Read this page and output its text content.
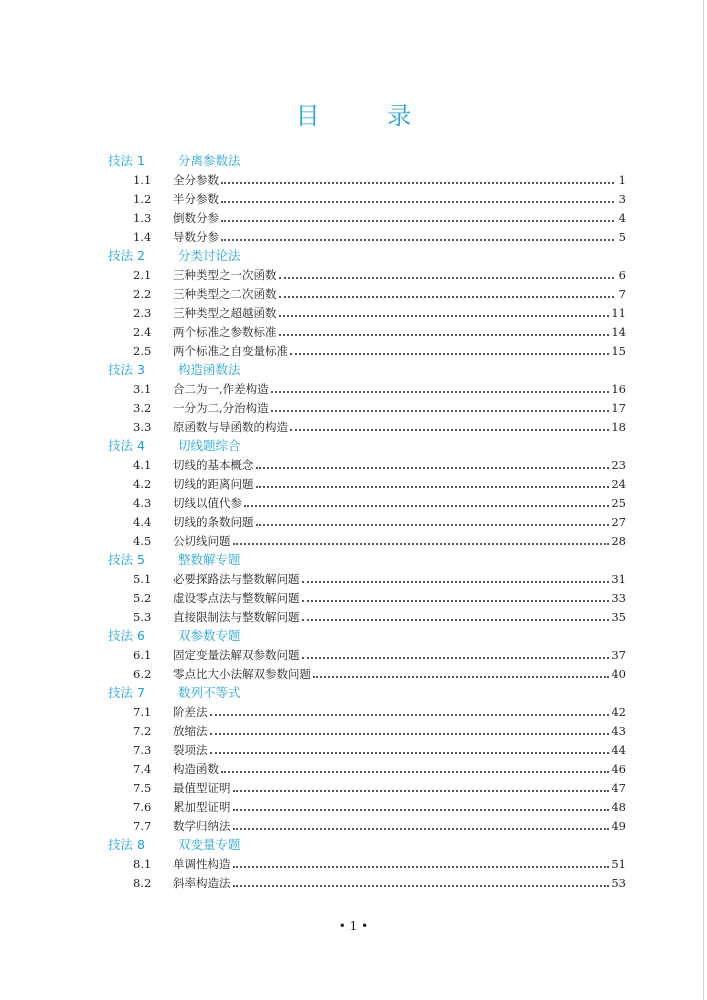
目 录
技法 1	分离参数法
1.1	全分参数	1
1.2	半分参数	3
1.3	倒数分参	4
1.4	导数分参	5
技法 2	分类讨论法
2.1	三种类型之一次函数	6
2.2	三种类型之二次函数	7
2.3	三种类型之超越函数	11
2.4	两个标准之参数标准	14
2.5	两个标准之自变量标准	15
技法 3	构造函数法
3.1	合二为一,作差构造	16
3.2	一分为二,分治构造	17
3.3	原函数与导函数的构造	18
技法 4	切线题综合
4.1	切线的基本概念	23
4.2	切线的距离问题	24
4.3	切线以值代参	25
4.4	切线的条数问题	27
4.5	公切线问题	28
技法 5	整数解专题
5.1	必要探路法与整数解问题	31
5.2	虚设零点法与整数解问题	33
5.3	直接限制法与整数解问题	35
技法 6	双参数专题
6.1	固定变量法解双参数问题	37
6.2	零点比大小法解双参数问题	40
技法 7	数列不等式
7.1	阶差法	42
7.2	放缩法	43
7.3	裂项法	44
7.4	构造函数	46
7.5	最值型证明	47
7.6	累加型证明	48
7.7	数学归纳法	49
技法 8	双变量专题
8.1	单调性构造	51
8.2	斜率构造法	53
• 1 •
